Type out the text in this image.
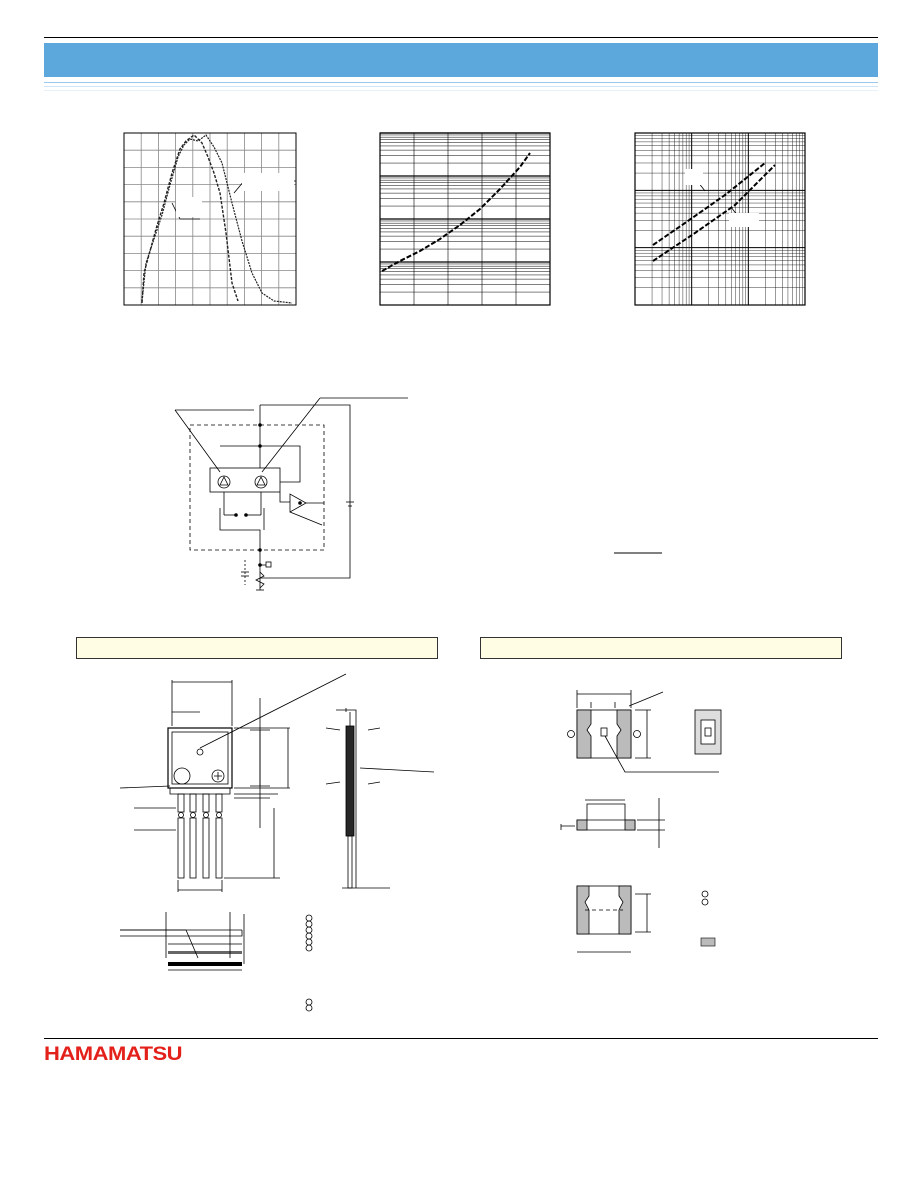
HAMAMATSU
